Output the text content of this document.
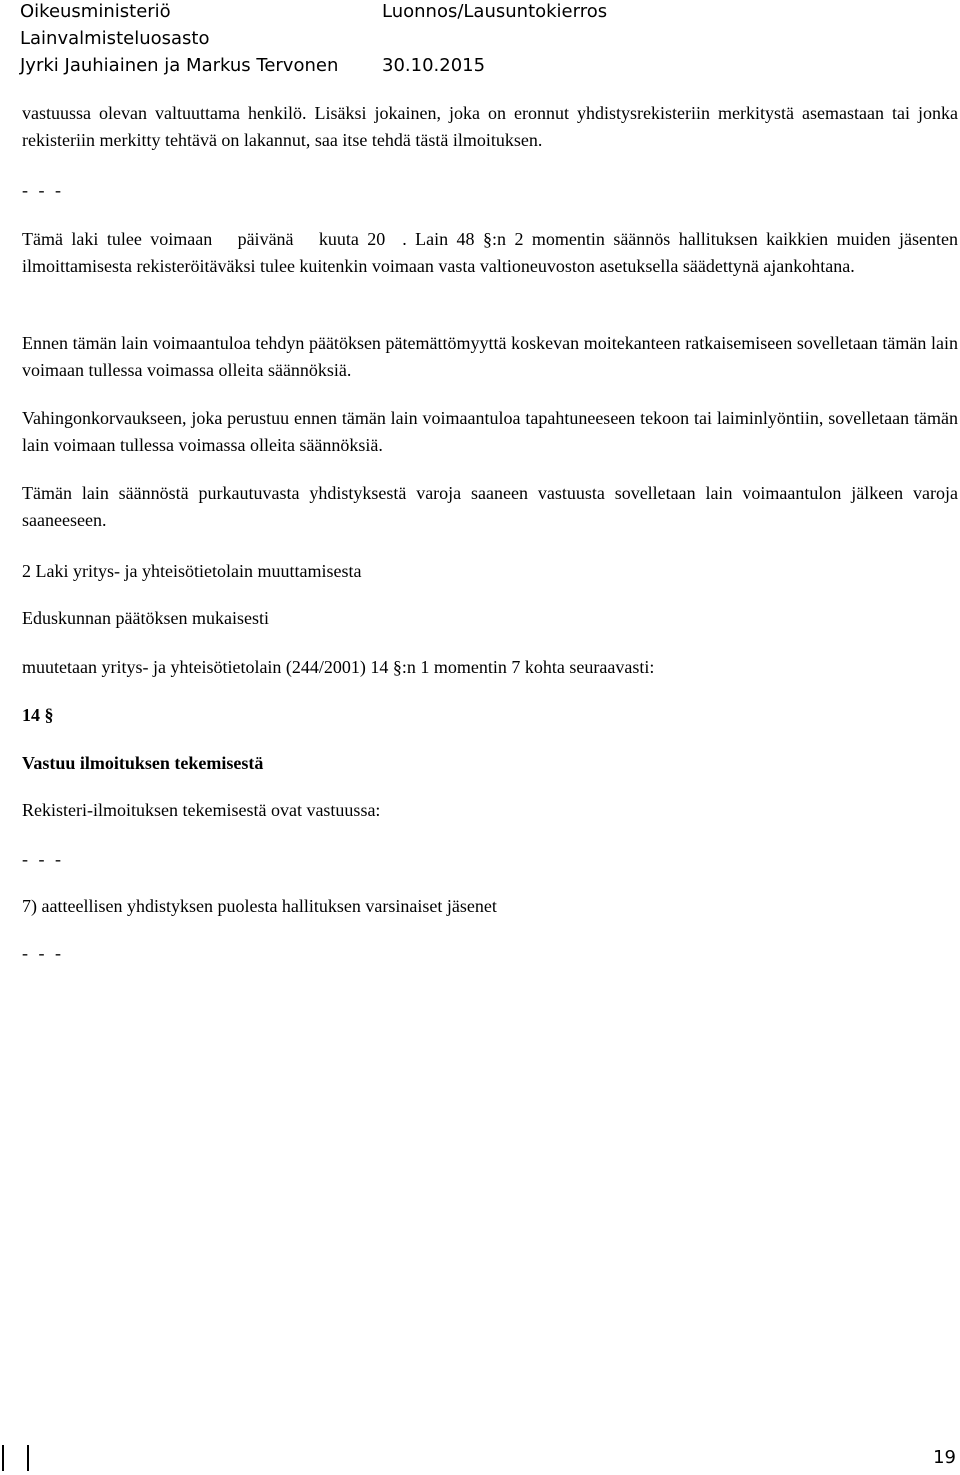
Oikeusministeriö	Luonnos/Lausuntokierros
Lainvalmisteluosasto
Jyrki Jauhiainen ja Markus Tervonen 30.10.2015

vastuussa olevan valtuuttama henkilö. Lisäksi jokainen, joka on eronnut yhdistysrekisteriin merkitystä asemastaan tai jonka rekisteriin merkitty tehtävä on lakannut, saa itse tehdä tästä ilmoituksen.

- - -

Tämä laki tulee voimaan   päivänä   kuuta 20  . Lain 48 §:n 2 momentin säännös hallituksen kaikkien muiden jäsenten ilmoittamisesta rekisteröitäväksi tulee kuitenkin voimaan vasta valtioneuvoston asetuksella säädettynä ajankohtana.

Ennen tämän lain voimaantuloa tehdyn päätöksen pätemättömyyttä koskevan moitekanteen ratkaisemiseen sovelletaan tämän lain voimaan tullessa voimassa olleita säännöksiä.

Vahingonkorvaukseen, joka perustuu ennen tämän lain voimaantuloa tapahtuneeseen tekoon tai laiminlyöntiin, sovelletaan tämän lain voimaan tullessa voimassa olleita säännöksiä.

Tämän lain säännöstä purkautuvasta yhdistyksestä varoja saaneen vastuusta sovelletaan lain voimaantulon jälkeen varoja saaneeseen.

2 Laki yritys- ja yhteisötietolain muuttamisesta

Eduskunnan päätöksen mukaisesti

muutetaan yritys- ja yhteisötietolain (244/2001) 14 §:n 1 momentin 7 kohta seuraavasti:

14 §

Vastuu ilmoituksen tekemisestä

Rekisteri-ilmoituksen tekemisestä ovat vastuussa:

- - -

7) aatteellisen yhdistyksen puolesta hallituksen varsinaiset jäsenet

- - -

19
